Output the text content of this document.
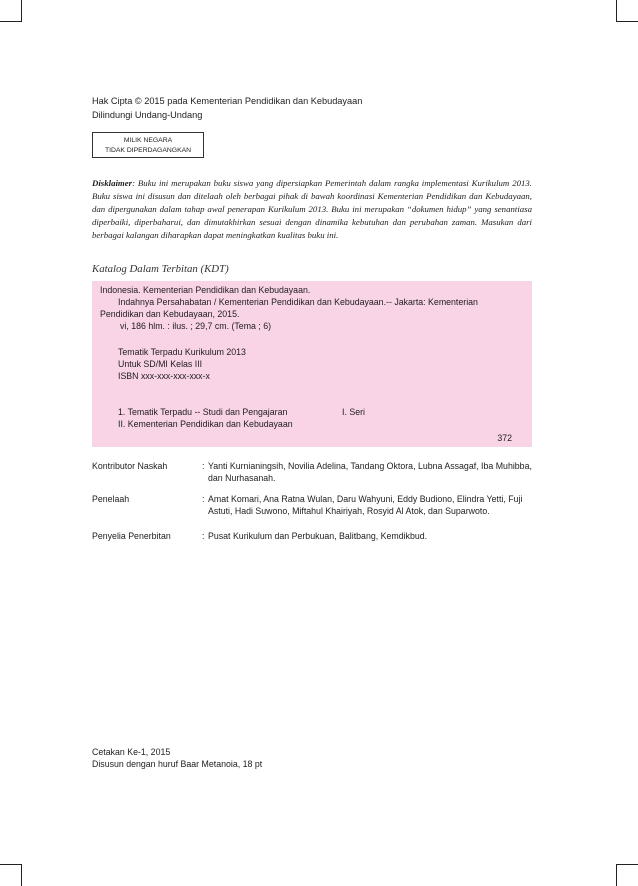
Hak Cipta © 2015 pada Kementerian Pendidikan dan Kebudayaan
Dilindungi Undang-Undang
MILIK NEGARA
TIDAK DIPERDAGANGKAN
Disklaimer: Buku ini merupakan buku siswa yang dipersiapkan Pemerintah dalam rangka implementasi Kurikulum 2013. Buku siswa ini disusun dan ditelaah oleh berbagai pihak di bawah koordinasi Kementerian Pendidikan dan Kebudayaan, dan dipergunakan dalam tahap awal penerapan Kurikulum 2013. Buku ini merupakan “dokumen hidup” yang senantiasa diperbaiki, diperbaharui, dan dimutakhirkan sesuai dengan dinamika kebutuhan dan perubahan zaman. Masukan dari berbagai kalangan diharapkan dapat meningkatkan kualitas buku ini.
Katalog Dalam Terbitan (KDT)
Indonesia. Kementerian Pendidikan dan Kebudayaan.
Indahnya Persahabatan / Kementerian Pendidikan dan Kebudayaan.-- Jakarta: Kementerian
Pendidikan dan Kebudayaan, 2015.
vi, 186 hlm. : ilus. ; 29,7 cm. (Tema ; 6)
Tematik Terpadu Kurikulum 2013
Untuk SD/MI Kelas III
ISBN xxx-xxx-xxx-xxx-x
1. Tematik Terpadu -- Studi dan Pengajaran	I. Seri
II. Kementerian Pendidikan dan Kebudayaan
372
Kontributor Naskah	: Yanti Kurnianingsih, Novilia Adelina, Tandang Oktora, Lubna Assagaf, Iba Muhibba, dan Nurhasanah.
Penelaah	: Amat Komari, Ana Ratna Wulan, Daru Wahyuni, Eddy Budiono, Elindra Yetti, Fuji Astuti, Hadi Suwono, Miftahul Khairiyah, Rosyid Al Atok, dan Suparwoto.
Penyelia Penerbitan	: Pusat Kurikulum dan Perbukuan, Balitbang, Kemdikbud.
Cetakan Ke-1, 2015
Disusun dengan huruf Baar Metanoia, 18 pt
